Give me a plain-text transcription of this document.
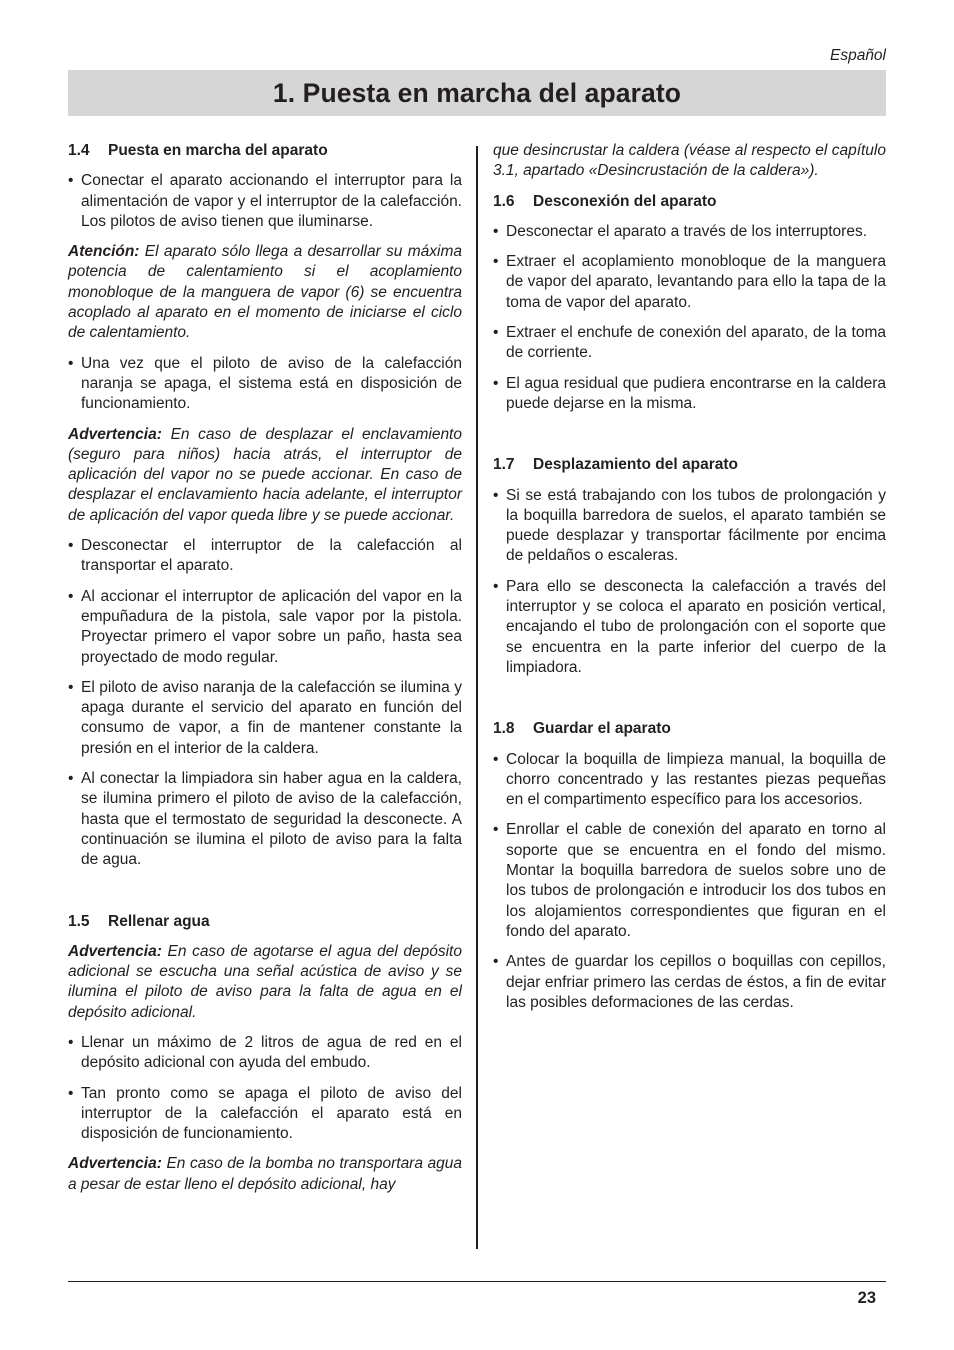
Español
1. Puesta en marcha del aparato
1.4 Puesta en marcha del aparato
• Conectar el aparato accionando el interruptor para la alimentación de vapor y el interruptor de la calefacción. Los pilotos de aviso tienen que iluminarse.

Atención: El aparato sólo llega a desarrollar su máxima potencia de calentamiento si el acoplamiento monobloque de la manguera de vapor (6) se encuentra acoplado al aparato en el momento de iniciarse el ciclo de calentamiento.

• Una vez que el piloto de aviso de la calefacción naranja se apaga, el sistema está en disposición de funcionamiento.

Advertencia: En caso de desplazar el enclavamiento (seguro para niños) hacia atrás, el interruptor de aplicación del vapor no se puede accionar. En caso de desplazar el enclavamiento hacia adelante, el interruptor de aplicación del vapor queda libre y se puede accionar.

• Desconectar el interruptor de la calefacción al transportar el aparato.
• Al accionar el interruptor de aplicación del vapor en la empuñadura de la pistola, sale vapor por la pistola. Proyectar primero el vapor sobre un paño, hasta sea proyectado de modo regular.
• El piloto de aviso naranja de la calefacción se ilumina y apaga durante el servicio del aparato en función del consumo de vapor, a fin de mantener constante la presión en el interior de la caldera.
• Al conectar la limpiadora sin haber agua en la caldera, se ilumina primero el piloto de aviso de la calefacción, hasta que el termostato de seguridad la desconecte. A continuación se ilumina el piloto de aviso para la falta de agua.
1.5 Rellenar agua

Advertencia: En caso de agotarse el agua del depósito adicional se escucha una señal acústica de aviso y se ilumina el piloto de aviso para la falta de agua en el depósito adicional.

• Llenar un máximo de 2 litros de agua de red en el depósito adicional con ayuda del embudo.
• Tan pronto como se apaga el piloto de aviso del interruptor de la calefacción el aparato está en disposición de funcionamiento.

Advertencia: En caso de la bomba no transportara agua a pesar de estar lleno el depósito adicional, hay

que desincrustar la caldera (véase al respecto el capítulo 3.1, apartado «Desincrustación de la caldera»).

1.6 Desconexión del aparato
• Desconectar el aparato a través de los interruptores.
• Extraer el acoplamiento monobloque de la manguera de vapor del aparato, levantando para ello la tapa de la toma de vapor del aparato.
• Extraer el enchufe de conexión del aparato, de la toma de corriente.
• El agua residual que pudiera encontrarse en la caldera puede dejarse en la misma.
1.7 Desplazamiento del aparato
• Si se está trabajando con los tubos de prolongación y la boquilla barredora de suelos, el aparato también se puede desplazar y transportar fácilmente por encima de peldaños o escaleras.
• Para ello se desconecta la calefacción a través del interruptor y se coloca el aparato en posición vertical, encajando el tubo de prolongación con el soporte que se encuentra en la parte inferior del cuerpo de la limpiadora.
1.8 Guardar el aparato
• Colocar la boquilla de limpieza manual, la boquilla de chorro concentrado y las restantes piezas pequeñas en el compartimento específico para los accesorios.
• Enrollar el cable de conexión del aparato en torno al soporte que se encuentra en el fondo del mismo. Montar la boquilla barredora de suelos sobre uno de los tubos de prolongación e introducir los dos tubos en los alojamientos correspondientes que figuran en el fondo del aparato.
• Antes de guardar los cepillos o boquillas con cepillos, dejar enfriar primero las cerdas de éstos, a fin de evitar las posibles deformaciones de las cerdas.
23
